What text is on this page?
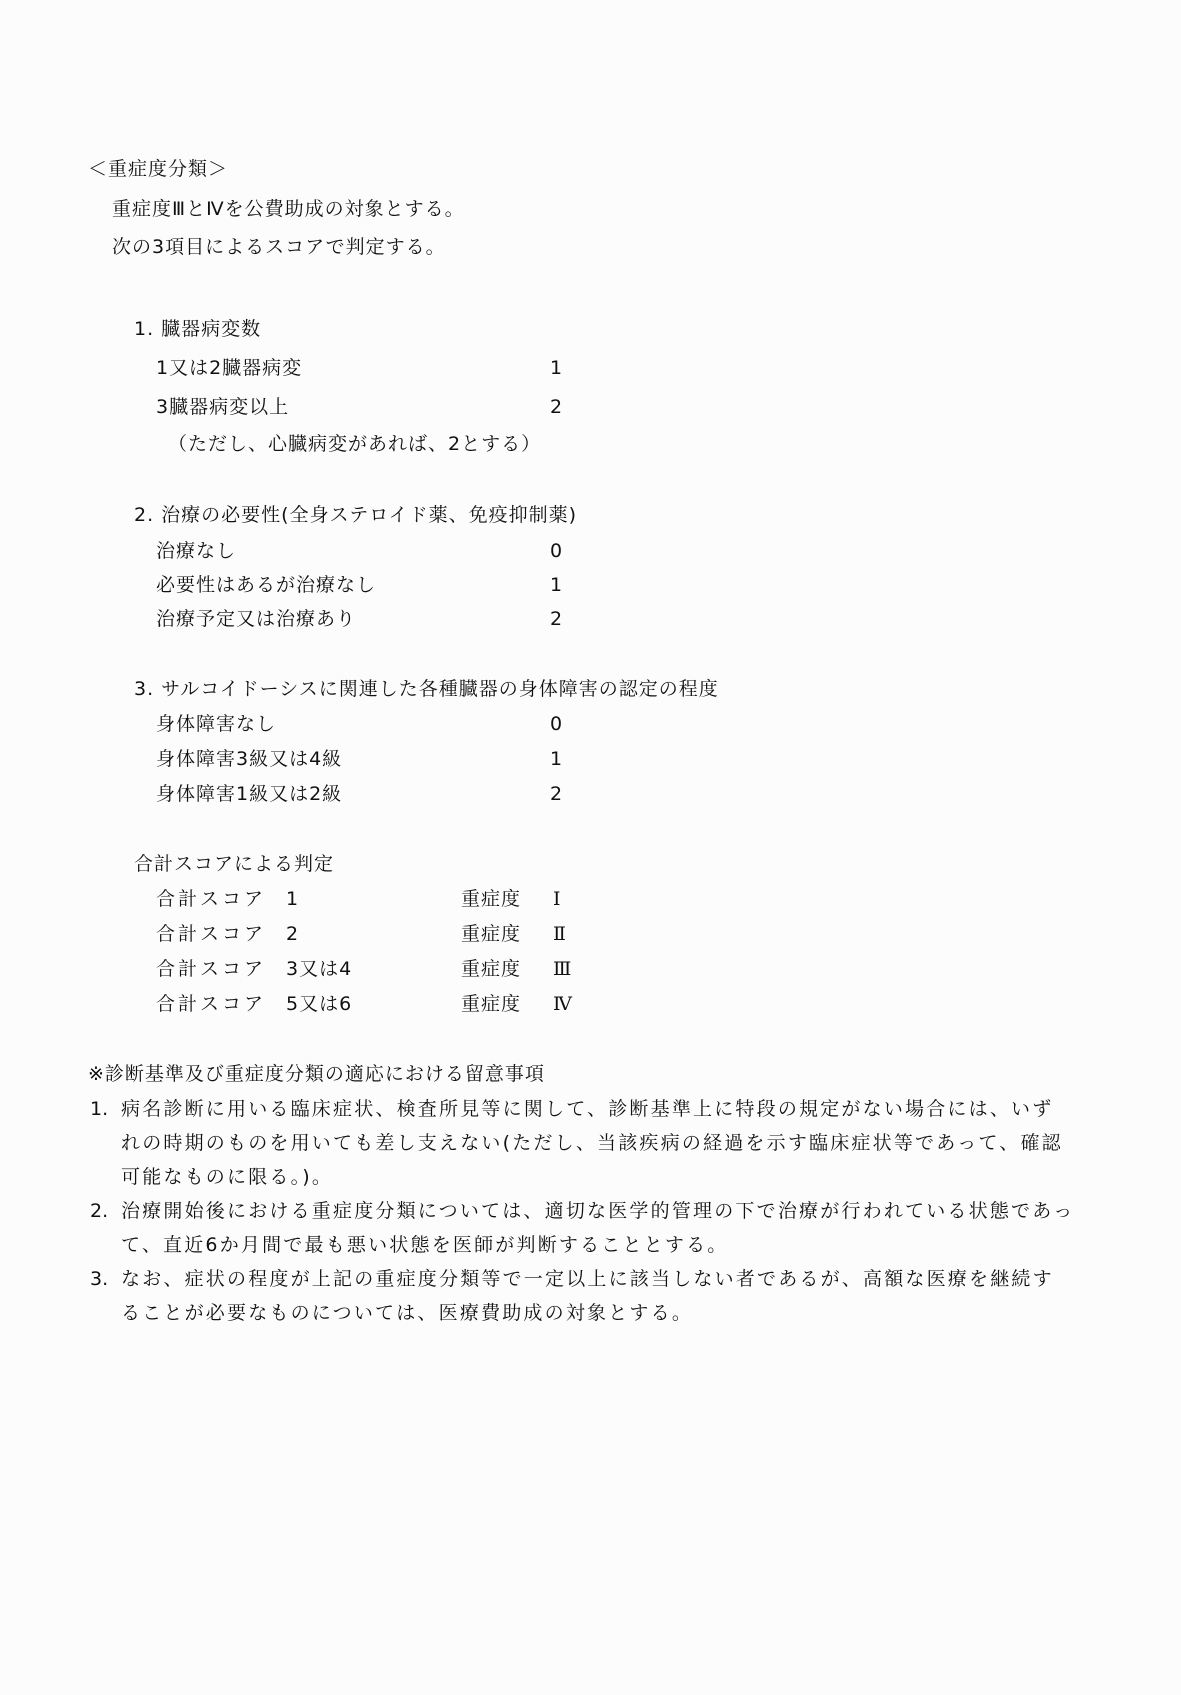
＜重症度分類＞
重症度ⅢとⅣを公費助成の対象とする。
次の3項目によるスコアで判定する。
1. 臓器病変数
1又は2臓器病変	1
3臓器病変以上	2
（ただし、心臓病変があれば、2とする）
2. 治療の必要性(全身ステロイド薬、免疫抑制薬)
治療なし	0
必要性はあるが治療なし	1
治療予定又は治療あり	2
3. サルコイドーシスに関連した各種臓器の身体障害の認定の程度
身体障害なし	0
身体障害3級又は4級	1
身体障害1級又は2級	2
合計スコアによる判定
合計スコア 1	重症度 Ⅰ
合計スコア 2	重症度 Ⅱ
合計スコア 3又は4	重症度 Ⅲ
合計スコア 5又は6	重症度 Ⅳ
※診断基準及び重症度分類の適応における留意事項
1. 病名診断に用いる臨床症状、検査所見等に関して、診断基準上に特段の規定がない場合には、いず
れの時期のものを用いても差し支えない(ただし、当該疾病の経過を示す臨床症状等であって、確認
可能なものに限る。)。
2. 治療開始後における重症度分類については、適切な医学的管理の下で治療が行われている状態であっ
て、直近6か月間で最も悪い状態を医師が判断することとする。
3. なお、症状の程度が上記の重症度分類等で一定以上に該当しない者であるが、高額な医療を継続す
ることが必要なものについては、医療費助成の対象とする。
